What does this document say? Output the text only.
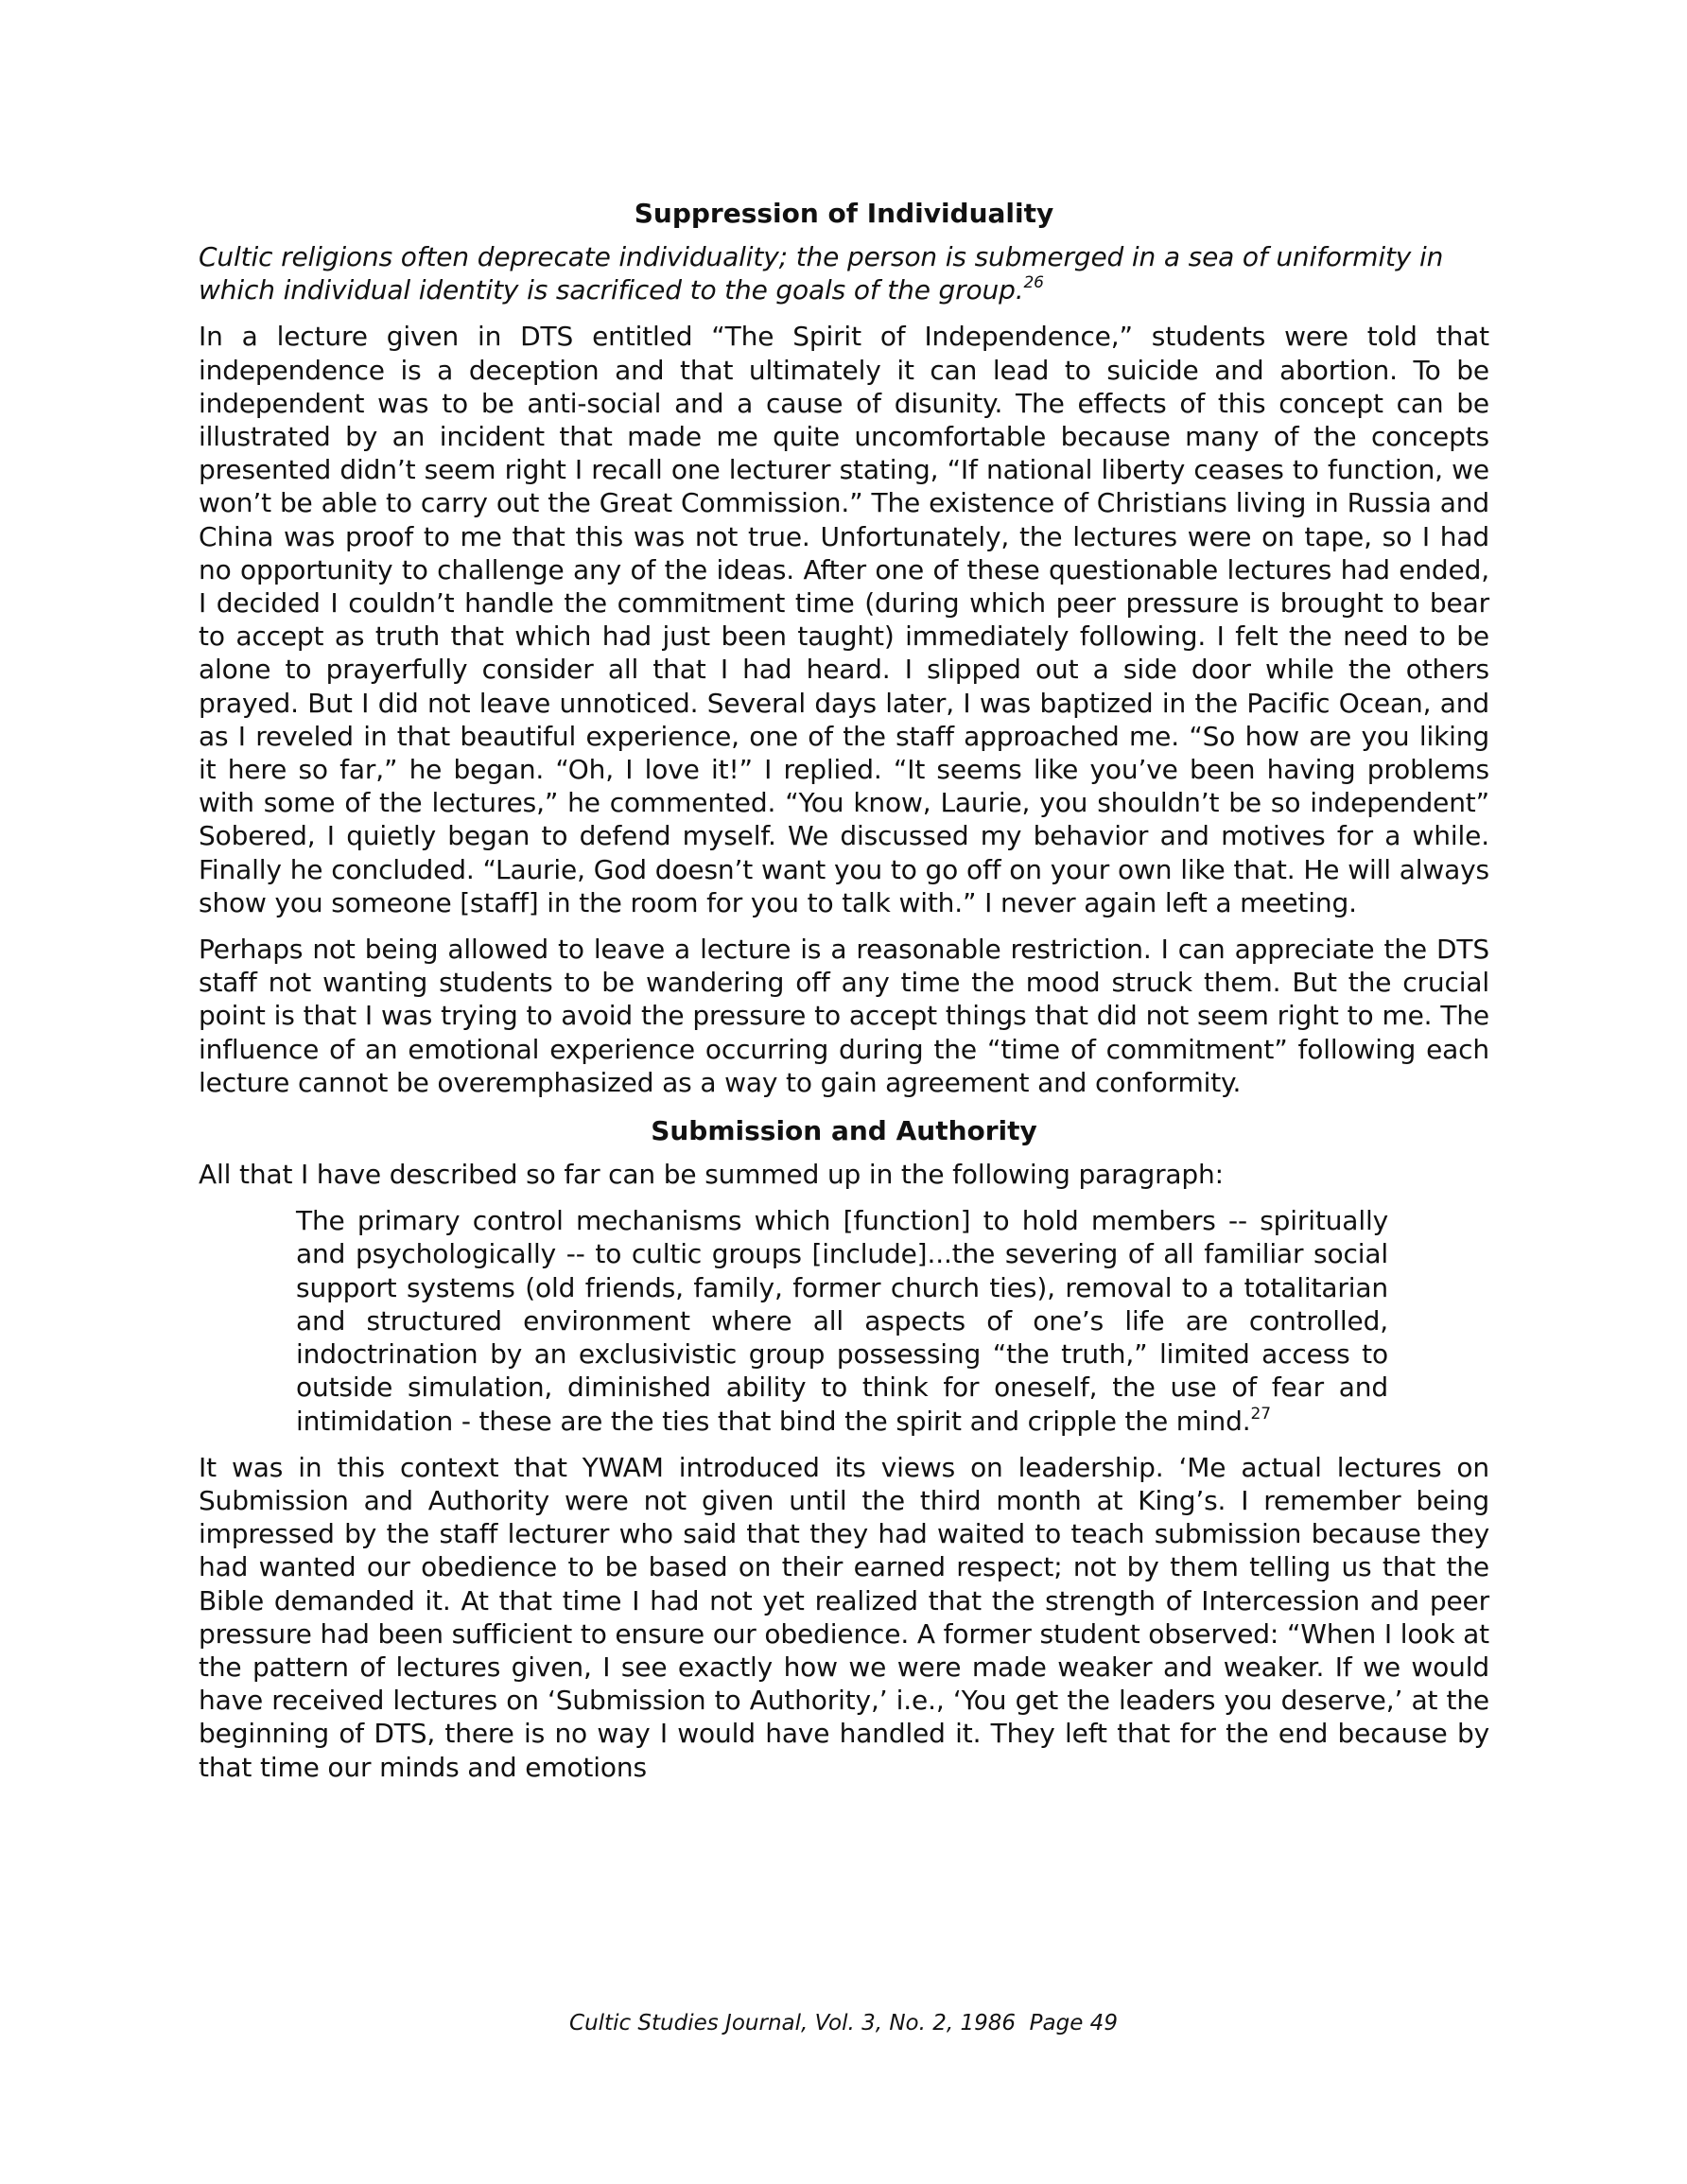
Suppression of Individuality

Cultic religions often deprecate individuality; the person is submerged in a sea of uniformity in which individual identity is sacrificed to the goals of the group.$^{26}$

In a lecture given in DTS entitled “The Spirit of Independence,” students were told that independence is a deception and that ultimately it can lead to suicide and abortion. To be independent was to be anti-social and a cause of disunity. The effects of this concept can be illustrated by an incident that made me quite uncomfortable because many of the concepts presented didn’t seem right I recall one lecturer stating, “If national liberty ceases to function, we won’t be able to carry out the Great Commission.” The existence of Christians living in Russia and China was proof to me that this was not true. Unfortunately, the lectures were on tape, so I had no opportunity to challenge any of the ideas. After one of these questionable lectures had ended, I decided I couldn’t handle the commitment time (during which peer pressure is brought to bear to accept as truth that which had just been taught) immediately following. I felt the need to be alone to prayerfully consider all that I had heard. I slipped out a side door while the others prayed. But I did not leave unnoticed. Several days later, I was baptized in the Pacific Ocean, and as I reveled in that beautiful experience, one of the staff approached me. “So how are you liking it here so far,” he began. “Oh, I love it!” I replied. “It seems like you’ve been having problems with some of the lectures,” he commented. “You know, Laurie, you shouldn’t be so independent” Sobered, I quietly began to defend myself. We discussed my behavior and motives for a while. Finally he concluded. “Laurie, God doesn’t want you to go off on your own like that. He will always show you someone [staff] in the room for you to talk with.” I never again left a meeting.

Perhaps not being allowed to leave a lecture is a reasonable restriction. I can appreciate the DTS staff not wanting students to be wandering off any time the mood struck them. But the crucial point is that I was trying to avoid the pressure to accept things that did not seem right to me. The influence of an emotional experience occurring during the “time of commitment” following each lecture cannot be overemphasized as a way to gain agreement and conformity.

Submission and Authority

All that I have described so far can be summed up in the following paragraph:

The primary control mechanisms which [function] to hold members -- spiritually and psychologically -- to cultic groups [include]...the severing of all familiar social support systems (old friends, family, former church ties), removal to a totalitarian and structured environment where all aspects of one’s life are controlled, indoctrination by an exclusivistic group possessing “the truth,” limited access to outside simulation, diminished ability to think for oneself, the use of fear and intimidation - these are the ties that bind the spirit and cripple the mind.$^{27}$

It was in this context that YWAM introduced its views on leadership. ‘Me actual lectures on Submission and Authority were not given until the third month at King’s. I remember being impressed by the staff lecturer who said that they had waited to teach submission because they had wanted our obedience to be based on their earned respect; not by them telling us that the Bible demanded it. At that time I had not yet realized that the strength of Intercession and peer pressure had been sufficient to ensure our obedience. A former student observed: “When I look at the pattern of lectures given, I see exactly how we were made weaker and weaker. If we would have received lectures on ‘Submission to Authority,’ i.e., ‘You get the leaders you deserve,’ at the beginning of DTS, there is no way I would have handled it. They left that for the end because by that time our minds and emotions

Cultic Studies Journal, Vol. 3, No. 2, 1986  Page 49
